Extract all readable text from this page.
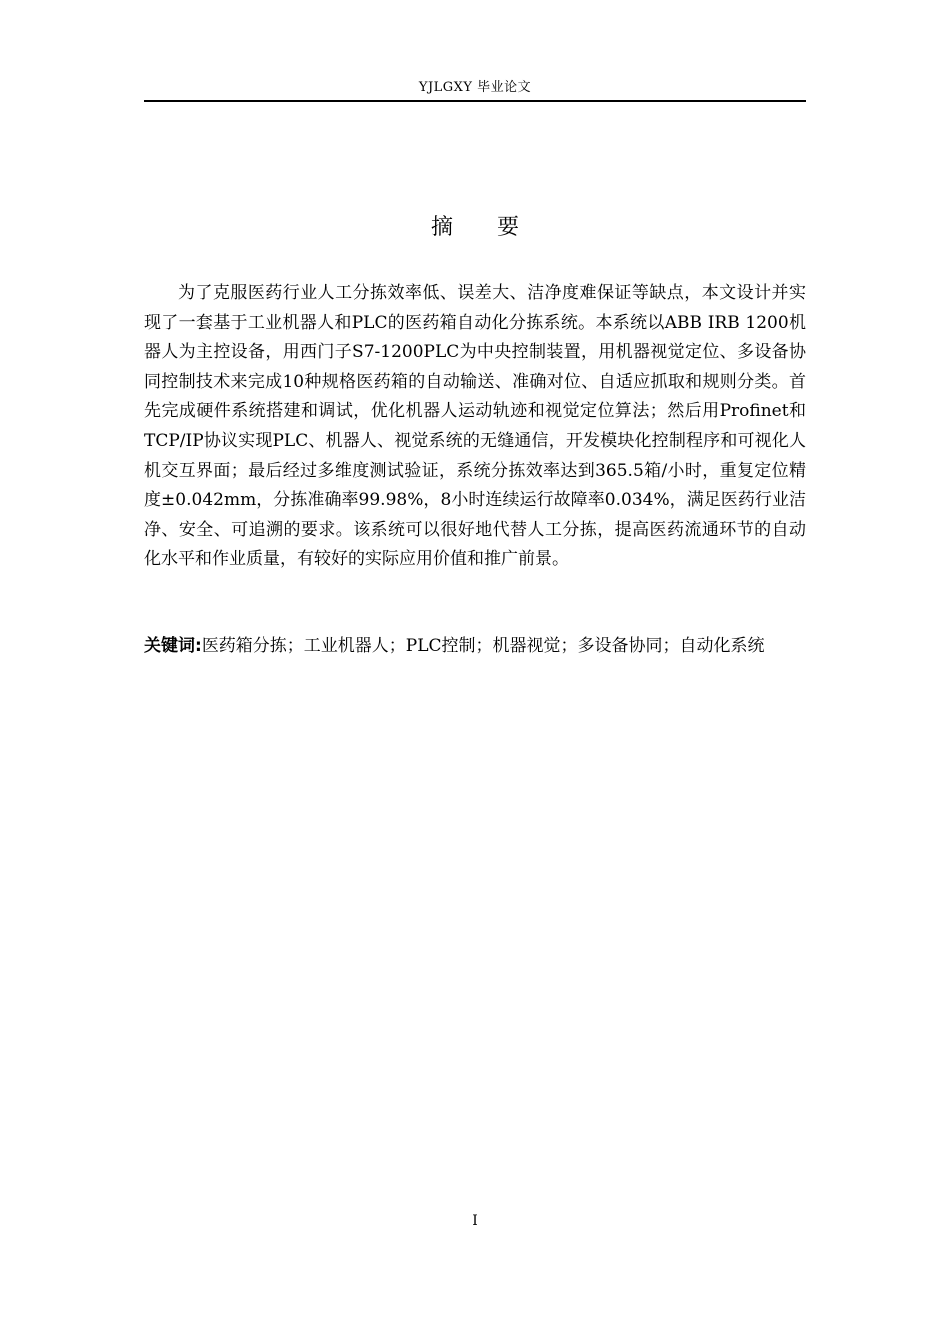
YJLGXY 毕业论文
摘要

为了克服医药行业人工分拣效率低、误差大、洁净度难保证等缺点，本文设计并实现了一套基于工业机器人和PLC的医药箱自动化分拣系统。本系统以ABB IRB 1200机器人为主控设备，用西门子S7-1200PLC为中央控制装置，用机器视觉定位、多设备协同控制技术来完成10种规格医药箱的自动输送、准确对位、自适应抓取和规则分类。首先完成硬件系统搭建和调试，优化机器人运动轨迹和视觉定位算法；然后用Profinet和TCP/IP协议实现PLC、机器人、视觉系统的无缝通信，开发模块化控制程序和可视化人机交互界面；最后经过多维度测试验证，系统分拣效率达到365.5箱/小时，重复定位精度±0.042mm，分拣准确率99.98%，8小时连续运行故障率0.034%，满足医药行业洁净、安全、可追溯的要求。该系统可以很好地代替人工分拣，提高医药流通环节的自动化水平和作业质量，有较好的实际应用价值和推广前景。

关键词:医药箱分拣；工业机器人；PLC控制；机器视觉；多设备协同；自动化系统

I
